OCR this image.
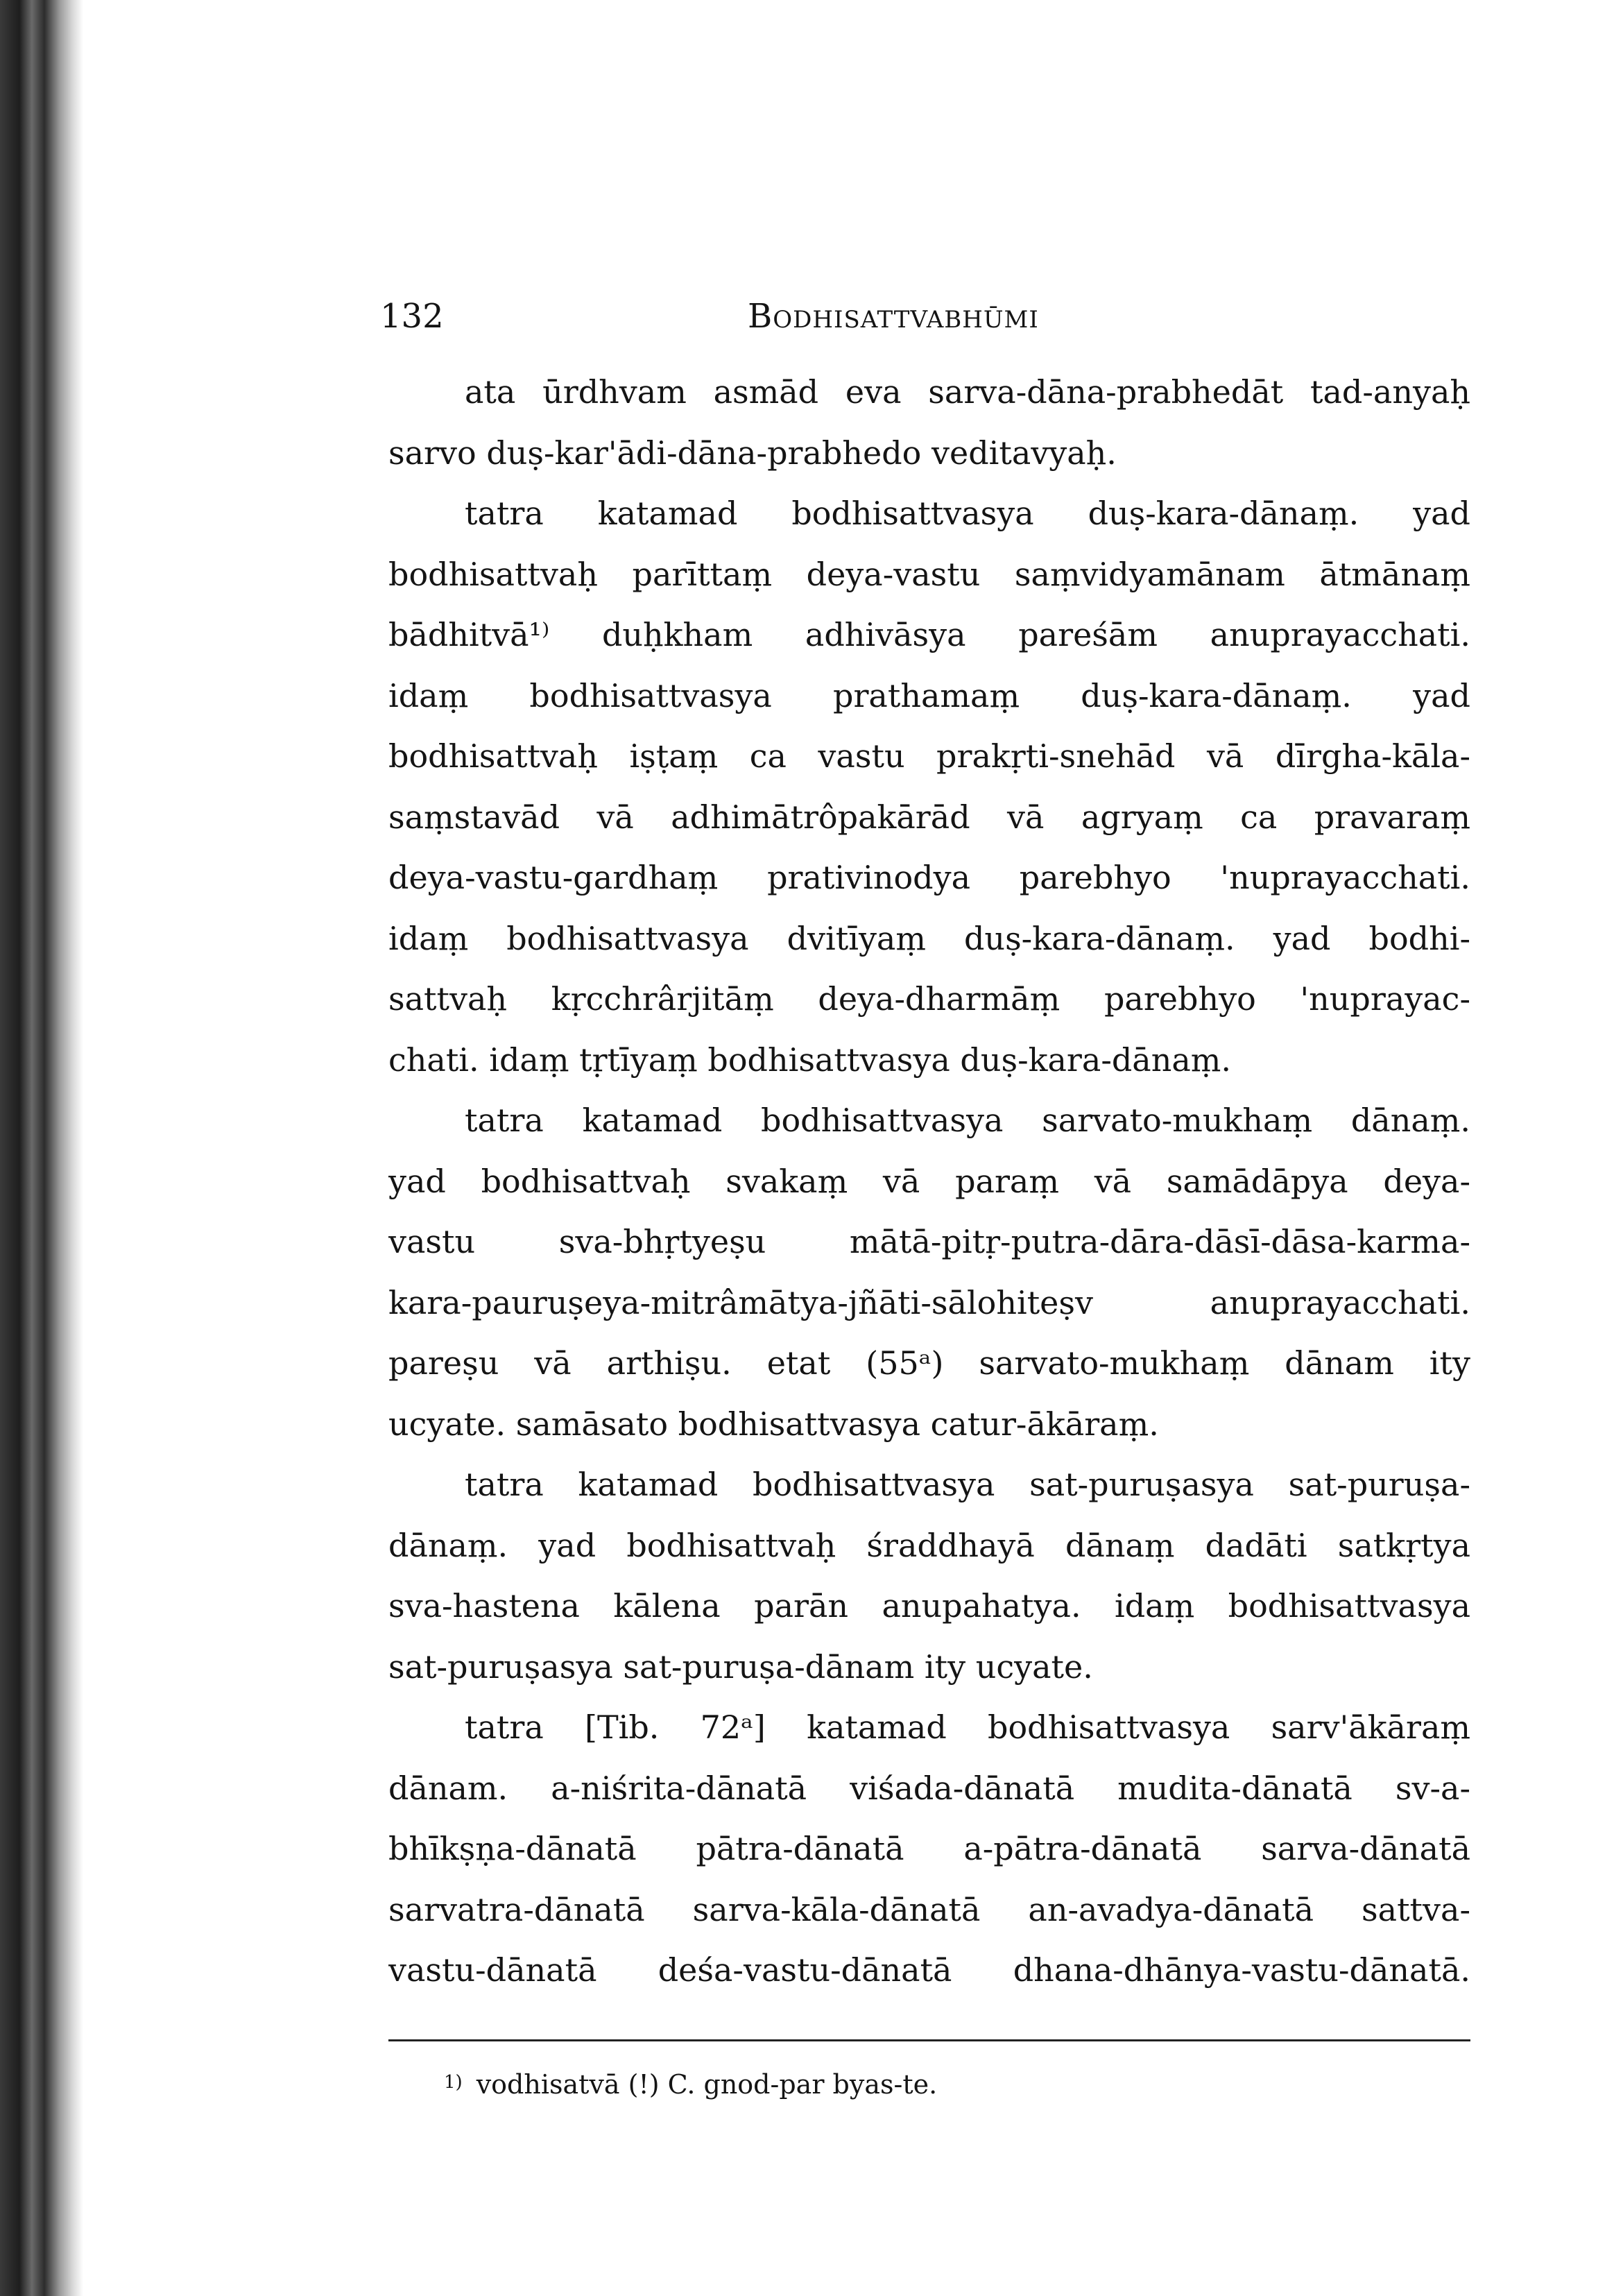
132	Bodhisattvabhūmi
ata ūrdhvam asmād eva sarva-dāna-prabhedāt tad-anyaḥ
sarvo duṣ-kar'ādi-dāna-prabhedo veditavyaḥ.
tatra katamad bodhisattvasya duṣ-kara-dānaṃ. yad
bodhisattvaḥ parīttaṃ deya-vastu saṃvidyamānam ātmānaṃ
bādhitvā¹⁾ duḥkham adhivāsya pareśām anuprayacchati.
idaṃ bodhisattvasya prathamaṃ duṣ-kara-dānaṃ. yad
bodhisattvaḥ iṣṭaṃ ca vastu prakṛti-snehād vā dīrgha-kāla-
saṃstavād vā adhimātrôpakārād vā agryaṃ ca pravaraṃ
deya-vastu-gardhaṃ prativinodya parebhyo 'nuprayacchati.
idaṃ bodhisattvasya dvitīyaṃ duṣ-kara-dānaṃ. yad bodhi-
sattvaḥ kṛcchrârjitāṃ deya-dharmāṃ parebhyo 'nuprayac-
chati. idaṃ tṛtīyaṃ bodhisattvasya duṣ-kara-dānaṃ.
tatra katamad bodhisattvasya sarvato-mukhaṃ dānaṃ.
yad bodhisattvaḥ svakaṃ vā paraṃ vā samādāpya deya-
vastu sva-bhṛtyeṣu mātā-pitṛ-putra-dāra-dāsī-dāsa-karma-
kara-pauruṣeya-mitrâmātya-jñāti-sālohiteṣv anuprayacchati.
pareṣu vā arthiṣu. etat (55ᵃ) sarvato-mukhaṃ dānam ity
ucyate. samāsato bodhisattvasya catur-ākāraṃ.
tatra katamad bodhisattvasya sat-puruṣasya sat-puruṣa-
dānaṃ. yad bodhisattvaḥ śraddhayā dānaṃ dadāti satkṛtya
sva-hastena kālena parān anupahatya. idaṃ bodhisattvasya
sat-puruṣasya sat-puruṣa-dānam ity ucyate.
tatra [Tib. 72ᵃ] katamad bodhisattvasya sarv'ākāraṃ
dānam. a-niśrita-dānatā viśada-dānatā mudita-dānatā sv-a-
bhīkṣṇa-dānatā pātra-dānatā a-pātra-dānatā sarva-dānatā
sarvatra-dānatā sarva-kāla-dānatā an-avadya-dānatā sattva-
vastu-dānatā deśa-vastu-dānatā dhana-dhānya-vastu-dānatā.
$^{1)}$ vodhisatvā (!) C. gnod-par byas-te.
